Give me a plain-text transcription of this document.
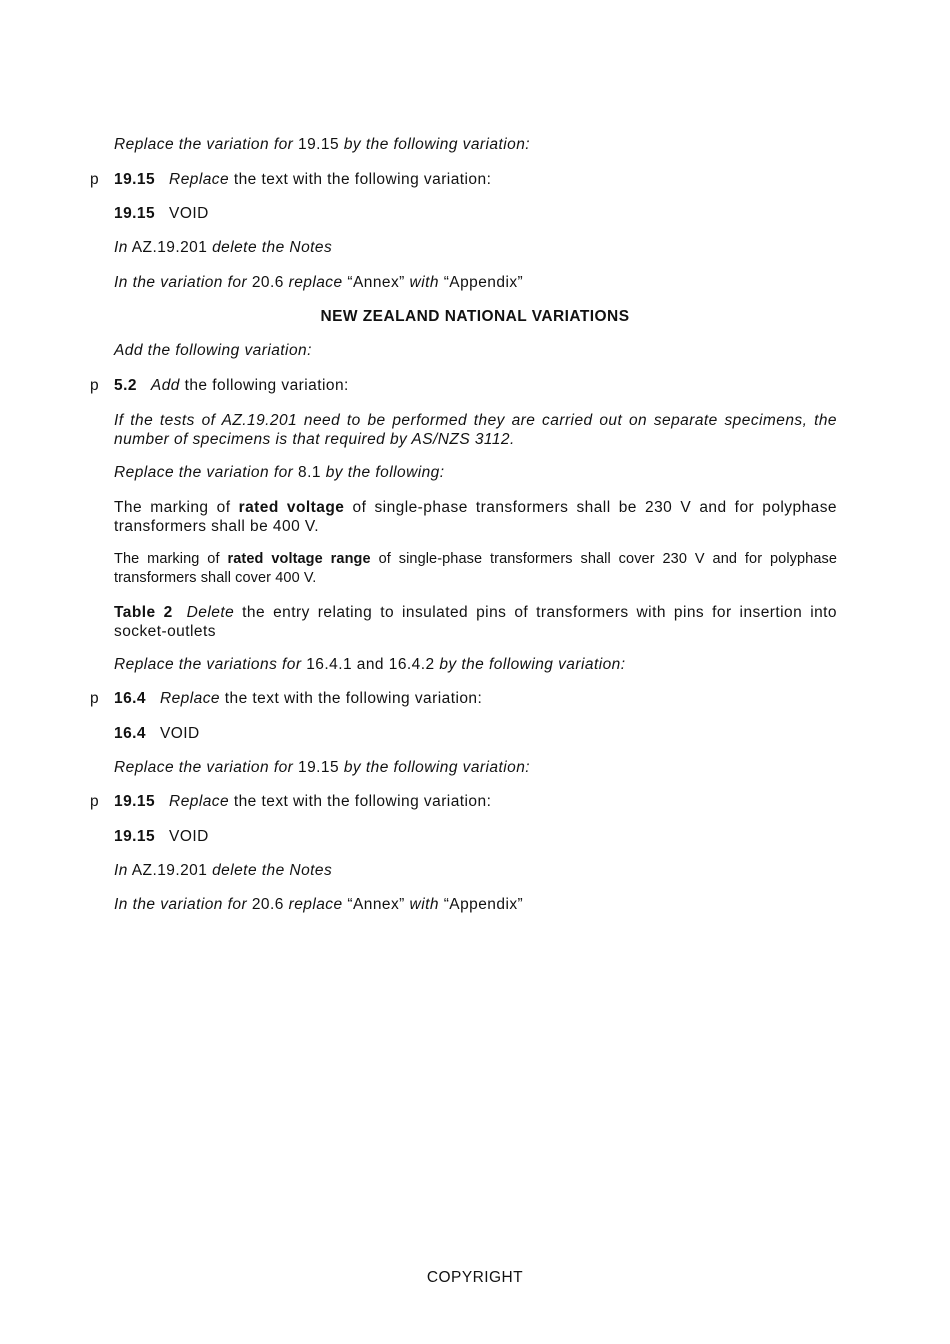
Replace the variation for 19.15 by the following variation:
p 19.15 Replace the text with the following variation:
19.15 VOID
In AZ.19.201 delete the Notes
In the variation for 20.6 replace “Annex” with “Appendix”
NEW ZEALAND NATIONAL VARIATIONS
Add the following variation:
p 5.2 Add the following variation:
If the tests of AZ.19.201 need to be performed they are carried out on separate specimens, the number of specimens is that required by AS/NZS 3112.
Replace the variation for 8.1 by the following:
The marking of rated voltage of single-phase transformers shall be 230 V and for polyphase transformers shall be 400 V.
The marking of rated voltage range of single-phase transformers shall cover 230 V and for polyphase transformers shall cover 400 V.
Table 2 Delete the entry relating to insulated pins of transformers with pins for insertion into socket-outlets
Replace the variations for 16.4.1 and 16.4.2 by the following variation:
p 16.4 Replace the text with the following variation:
16.4 VOID
Replace the variation for 19.15 by the following variation:
p 19.15 Replace the text with the following variation:
19.15 VOID
In AZ.19.201 delete the Notes
In the variation for 20.6 replace “Annex” with “Appendix”
COPYRIGHT
